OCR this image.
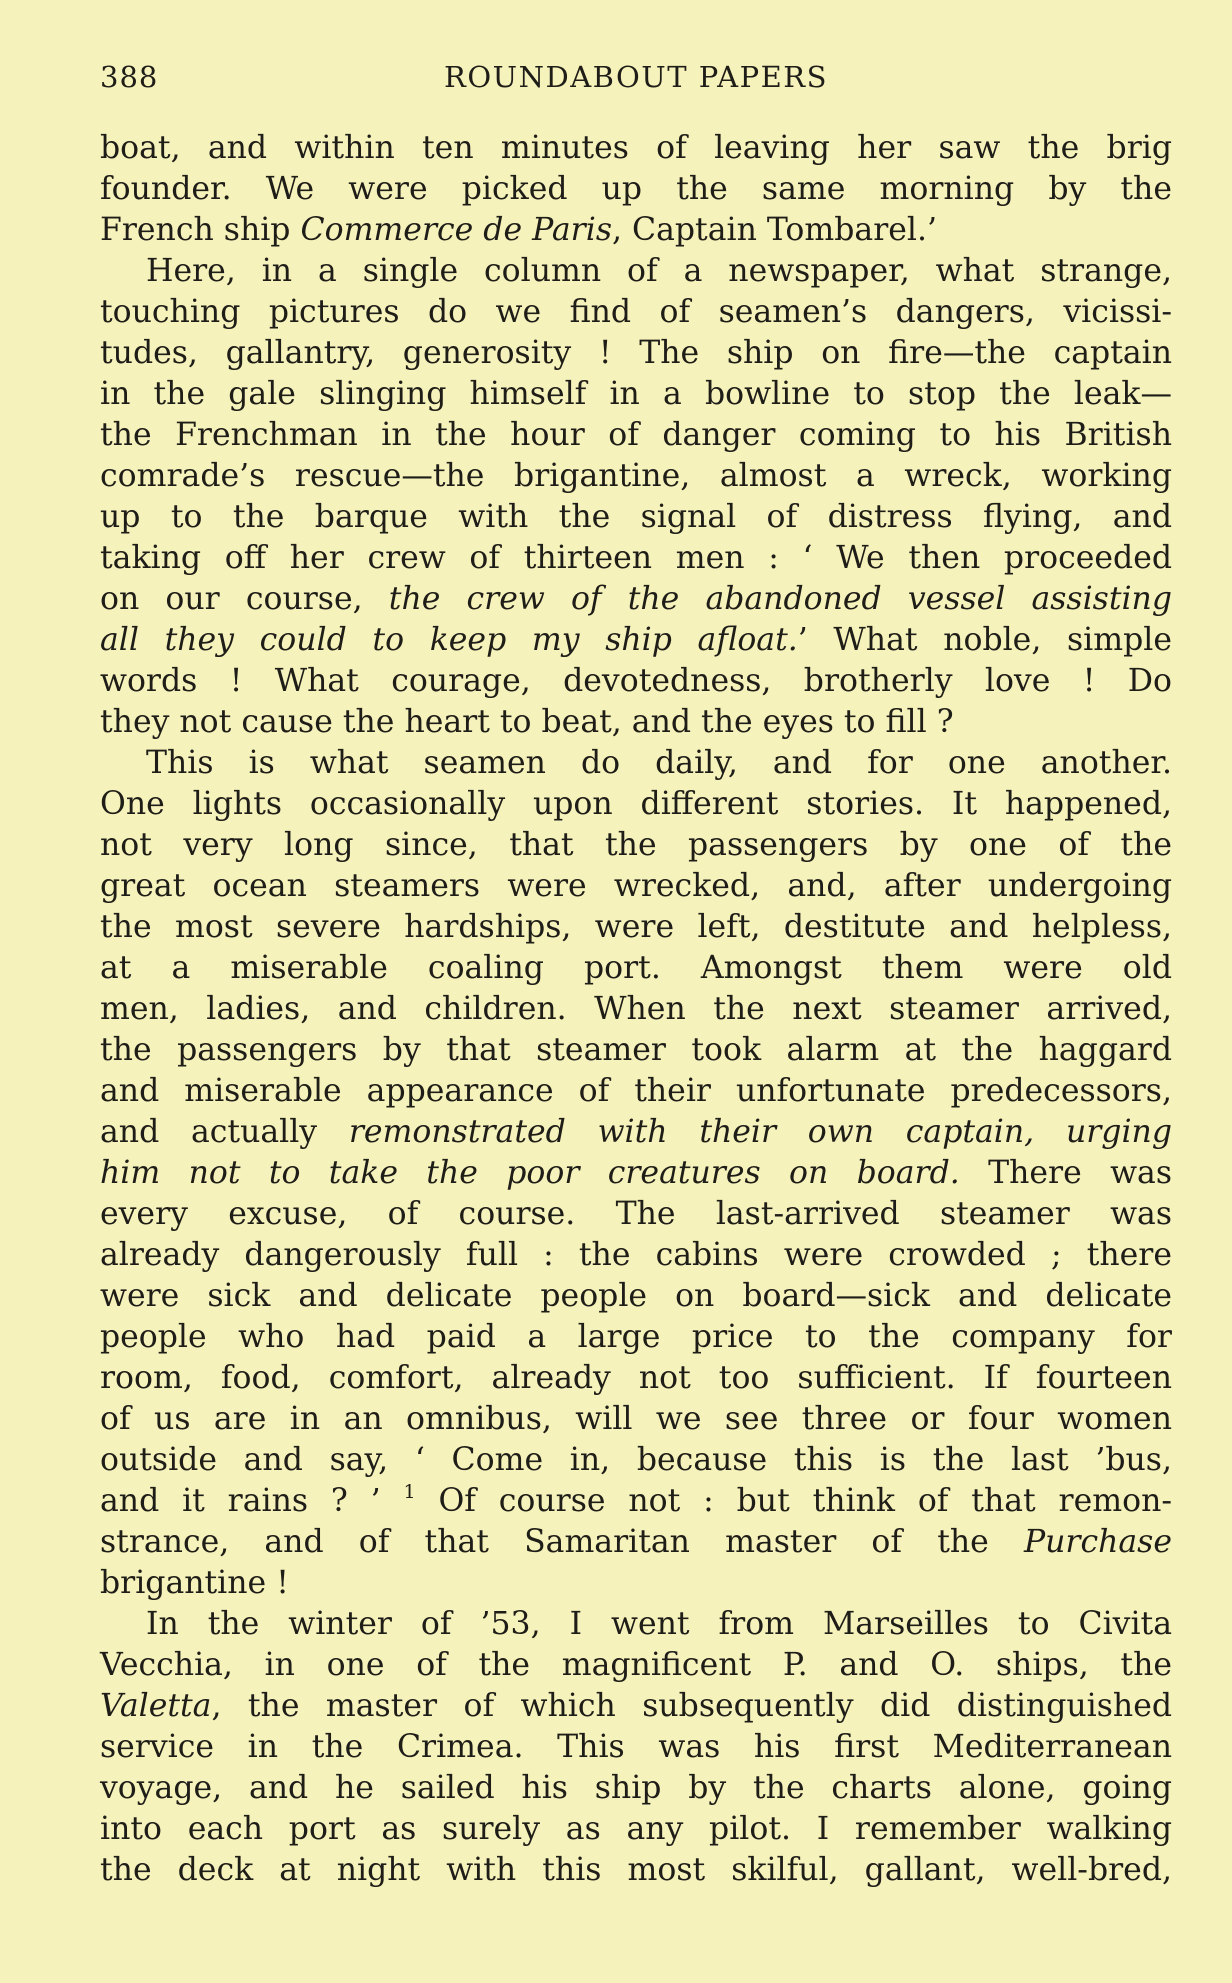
388	ROUNDABOUT PAPERS
boat, and within ten minutes of leaving her saw the brig
founder. We were picked up the same morning by the
French ship Commerce de Paris, Captain Tombarel.’
Here, in a single column of a newspaper, what strange,
touching pictures do we find of seamen’s dangers, vicissi-
tudes, gallantry, generosity ! The ship on fire—the captain
in the gale slinging himself in a bowline to stop the leak—
the Frenchman in the hour of danger coming to his British
comrade’s rescue—the brigantine, almost a wreck, working
up to the barque with the signal of distress flying, and
taking off her crew of thirteen men : ‘ We then proceeded
on our course, the crew of the abandoned vessel assisting
all they could to keep my ship afloat.’ What noble, simple
words ! What courage, devotedness, brotherly love ! Do
they not cause the heart to beat, and the eyes to fill ?
This is what seamen do daily, and for one another.
One lights occasionally upon different stories. It happened,
not very long since, that the passengers by one of the
great ocean steamers were wrecked, and, after undergoing
the most severe hardships, were left, destitute and helpless,
at a miserable coaling port. Amongst them were old
men, ladies, and children. When the next steamer arrived,
the passengers by that steamer took alarm at the haggard
and miserable appearance of their unfortunate predecessors,
and actually remonstrated with their own captain, urging
him not to take the poor creatures on board. There was
every excuse, of course. The last-arrived steamer was
already dangerously full : the cabins were crowded ; there
were sick and delicate people on board—sick and delicate
people who had paid a large price to the company for
room, food, comfort, already not too sufficient. If fourteen
of us are in an omnibus, will we see three or four women
outside and say, ‘ Come in, because this is the last ’bus,
and it rains ? ’ $^1$ Of course not : but think of that remon-
strance, and of that Samaritan master of the Purchase
brigantine !
In the winter of ’53, I went from Marseilles to Civita
Vecchia, in one of the magnificent P. and O. ships, the
Valetta, the master of which subsequently did distinguished
service in the Crimea. This was his first Mediterranean
voyage, and he sailed his ship by the charts alone, going
into each port as surely as any pilot. I remember walking
the deck at night with this most skilful, gallant, well-bred,
